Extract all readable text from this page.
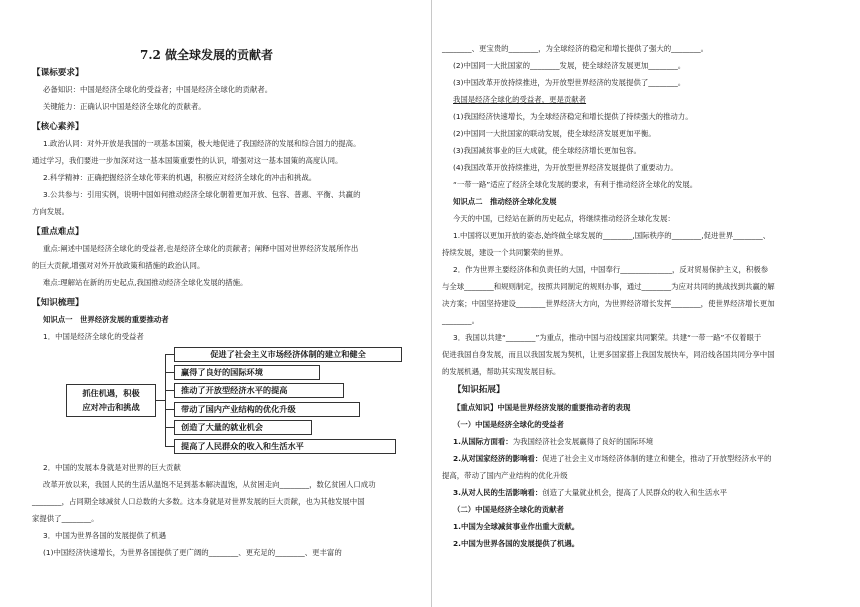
7.2 做全球发展的贡献者
【课标要求】
必备知识：中国是经济全球化的受益者；中国是经济全球化的贡献者。
关键能力：正确认识中国是经济全球化的贡献者。
【核心素养】
1.政治认同：对外开放是我国的一项基本国策，极大地促进了我国经济的发展和综合国力的提高。
通过学习，我们要进一步加深对这一基本国策重要性的认识，增强对这一基本国策的高度认同。
2.科学精神：正确把握经济全球化带来的机遇，积极应对经济全球化的冲击和挑战。
3.公共参与：引用实例，说明中国如何推动经济全球化朝着更加开放、包容、普惠、平衡、共赢的
方向发展。
【重点难点】
重点:阐述中国是经济全球化的受益者,也是经济全球化的贡献者；阐释中国对世界经济发展所作出
的巨大贡献,增强对对外开放政策和措施的政治认同。
难点:理解站在新的历史起点,我国推动经济全球化发展的措施。
【知识梳理】
知识点一　世界经济发展的重要推动者
1．中国是经济全球化的受益者
抓住机遇，积极
应对冲击和挑战
促进了社会主义市场经济体制的建立和健全
赢得了良好的国际环境
推动了开放型经济水平的提高
带动了国内产业结构的优化升级
创造了大量的就业机会
提高了人民群众的收入和生活水平
2．中国的发展本身就是对世界的巨大贡献
改革开放以来，我国人民的生活从温饱不足到基本解决温饱，从贫困走向________，数亿贫困人口成功
________，占同期全球减贫人口总数的大多数。这本身就是对世界发展的巨大贡献，也为其他发展中国
家提供了________。
3．中国为世界各国的发展提供了机遇
(1)中国经济快速增长，为世界各国提供了更广阔的________、更充足的________、更丰富的
________、更宝贵的________，为全球经济的稳定和增长提供了强大的________。
(2)中国同一大批国家的________发展，使全球经济发展更加________。
(3)中国改革开放持续推进，为开放型世界经济的发展提供了________。
我国是经济全球化的受益者，更是贡献者
(1)我国经济快速增长，为全球经济稳定和增长提供了持续强大的推动力。
(2)中国同一大批国家的联动发展，使全球经济发展更加平衡。
(3)我国减贫事业的巨大成就，使全球经济增长更加包容。
(4)我国改革开放持续推进，为开放型世界经济发展提供了重要动力。
“一带一路”适应了经济全球化发展的要求，有利于推动经济全球化的发展。
知识点二　推动经济全球化发展
今天的中国，已经站在新的历史起点，将继续推动经济全球化发展：
1.中国将以更加开放的姿态,始终做全球发展的________,国际秩序的________,促进世界________、
持续发展，建设一个共同繁荣的世界。
2．作为世界主要经济体和负责任的大国，中国奉行______________，反对贸易保护主义，积极参
与全球________和规则制定，按照共同制定的规则办事，通过________为应对共同的挑战找到共赢的解
决方案；中国坚持建设________世界经济大方向，为世界经济增长发挥________，使世界经济增长更加
________。
3．我国以共建“________”为重点，推动中国与沿线国家共同繁荣。共建“一带一路”不仅着眼于
促进我国自身发展，而且以我国发展为契机，让更多国家搭上我国发展快车，同沿线各国共同分享中国
的发展机遇，帮助其实现发展目标。
【知识拓展】
【重点知识】中国是世界经济发展的重要推动者的表现
（一）中国是经济全球化的受益者
1.从国际方面看：为我国经济社会发展赢得了良好的国际环境
2.从对国家经济的影响看：促进了社会主义市场经济体制的建立和健全，推动了开放型经济水平的
提高，带动了国内产业结构的优化升级
3.从对人民的生活影响看：创造了大量就业机会，提高了人民群众的收入和生活水平
（二）中国是经济全球化的贡献者
1.中国为全球减贫事业作出重大贡献。
2.中国为世界各国的发展提供了机遇。
